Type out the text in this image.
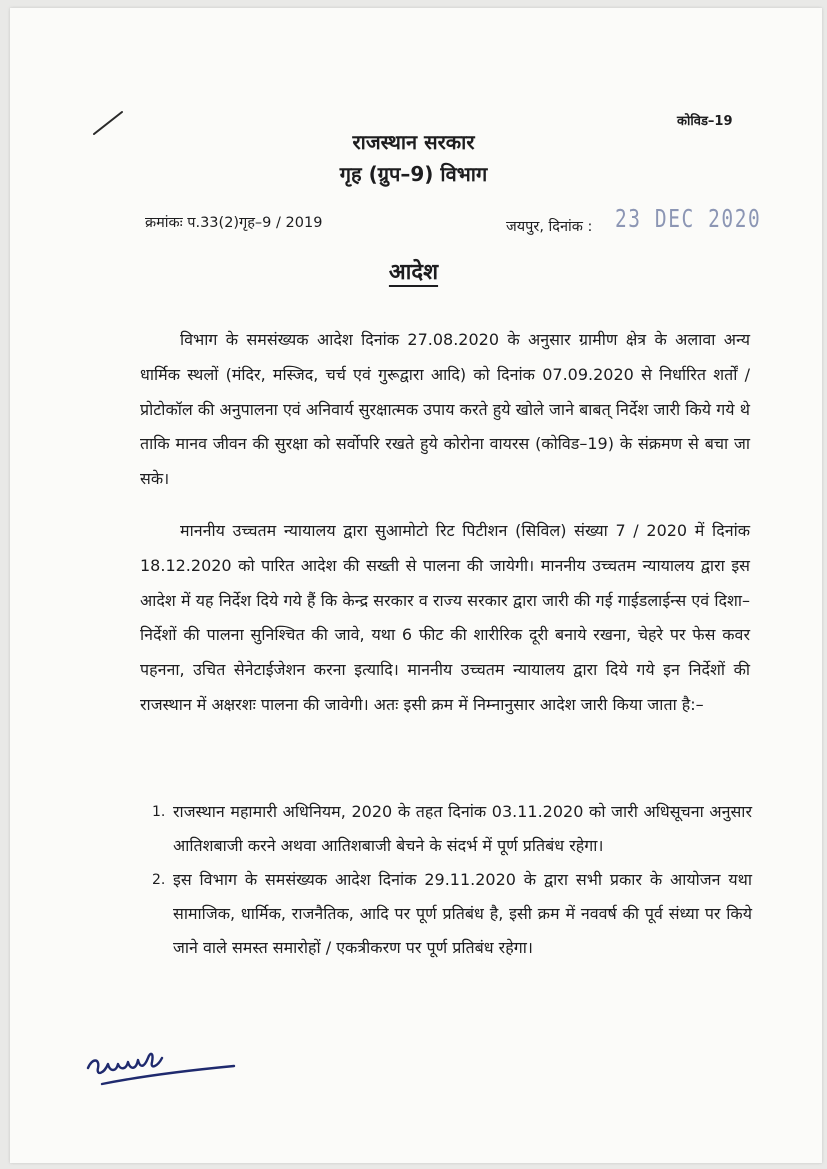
कोविड–19
राजस्थान सरकार
गृह (ग्रुप–9) विभाग
क्रमांकः प.33(2)गृह–9 / 2019	जयपुर, दिनांक : 23 DEC 2020
आदेश
विभाग के समसंख्यक आदेश दिनांक 27.08.2020 के अनुसार ग्रामीण क्षेत्र के अलावा अन्य धार्मिक स्थलों (मंदिर, मस्जिद, चर्च एवं गुरूद्वारा आदि) को दिनांक 07.09.2020 से निर्धारित शर्तों / प्रोटोकॉल की अनुपालना एवं अनिवार्य सुरक्षात्मक उपाय करते हुये खोले जाने बाबत् निर्देश जारी किये गये थे ताकि मानव जीवन की सुरक्षा को सर्वोपरि रखते हुये कोरोना वायरस (कोविड–19) के संक्रमण से बचा जा सके।
माननीय उच्चतम न्यायालय द्वारा सुआमोटो रिट पिटीशन (सिविल) संख्या 7 / 2020 में दिनांक 18.12.2020 को पारित आदेश की सख्ती से पालना की जायेगी। माननीय उच्चतम न्यायालय द्वारा इस आदेश में यह निर्देश दिये गये हैं कि केन्द्र सरकार व राज्य सरकार द्वारा जारी की गई गाईडलाईन्स एवं दिशा–निर्देशों की पालना सुनिश्चित की जावे, यथा 6 फीट की शारीरिक दूरी बनाये रखना, चेहरे पर फेस कवर पहनना, उचित सेनेटाईजेशन करना इत्यादि। माननीय उच्चतम न्यायालय द्वारा दिये गये इन निर्देशों की राजस्थान में अक्षरशः पालना की जावेगी। अतः इसी क्रम में निम्नानुसार आदेश जारी किया जाता है:–
1. राजस्थान महामारी अधिनियम, 2020 के तहत दिनांक 03.11.2020 को जारी अधिसूचना अनुसार आतिशबाजी करने अथवा आतिशबाजी बेचने के संदर्भ में पूर्ण प्रतिबंध रहेगा।
2. इस विभाग के समसंख्यक आदेश दिनांक 29.11.2020 के द्वारा सभी प्रकार के आयोजन यथा सामाजिक, धार्मिक, राजनैतिक, आदि पर पूर्ण प्रतिबंध है, इसी क्रम में नववर्ष की पूर्व संध्या पर किये जाने वाले समस्त समारोहों / एकत्रीकरण पर पूर्ण प्रतिबंध रहेगा।
